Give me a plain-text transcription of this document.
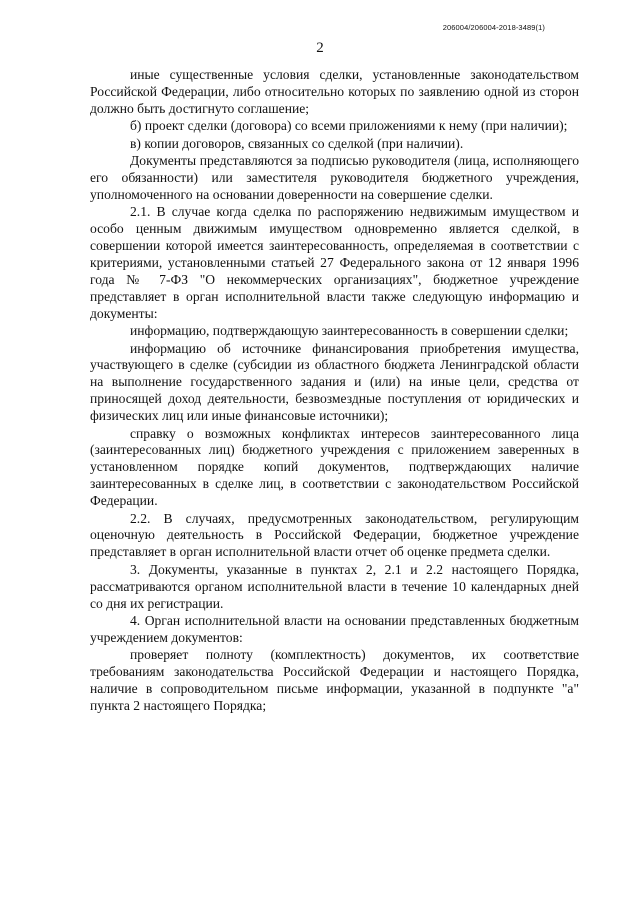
206004/206004-2018-3489(1)
2

иные существенные условия сделки, установленные законодательством Российской Федерации, либо относительно которых по заявлению одной из сторон должно быть достигнуто соглашение;

б) проект сделки (договора) со всеми приложениями к нему (при наличии);

в) копии договоров, связанных со сделкой (при наличии).

Документы представляются за подписью руководителя (лица, исполняющего его обязанности) или заместителя руководителя бюджетного учреждения, уполномоченного на основании доверенности на совершение сделки.

2.1. В случае когда сделка по распоряжению недвижимым имуществом и особо ценным движимым имуществом одновременно является сделкой, в совершении которой имеется заинтересованность, определяемая в соответствии с критериями, установленными статьей 27 Федерального закона от 12 января 1996 года № 7-ФЗ "О некоммерческих организациях", бюджетное учреждение представляет в орган исполнительной власти также следующую информацию и документы:

информацию, подтверждающую заинтересованность в совершении сделки;

информацию об источнике финансирования приобретения имущества, участвующего в сделке (субсидии из областного бюджета Ленинградской области на выполнение государственного задания и (или) на иные цели, средства от приносящей доход деятельности, безвозмездные поступления от юридических и физических лиц или иные финансовые источники);

справку о возможных конфликтах интересов заинтересованного лица (заинтересованных лиц) бюджетного учреждения с приложением заверенных в установленном порядке копий документов, подтверждающих наличие заинтересованных в сделке лиц, в соответствии с законодательством Российской Федерации.

2.2. В случаях, предусмотренных законодательством, регулирующим оценочную деятельность в Российской Федерации, бюджетное учреждение представляет в орган исполнительной власти отчет об оценке предмета сделки.

3. Документы, указанные в пунктах 2, 2.1 и 2.2 настоящего Порядка, рассматриваются органом исполнительной власти в течение 10 календарных дней со дня их регистрации.

4. Орган исполнительной власти на основании представленных бюджетным учреждением документов:

проверяет полноту (комплектность) документов, их соответствие требованиям законодательства Российской Федерации и настоящего Порядка, наличие в сопроводительном письме информации, указанной в подпункте "а" пункта 2 настоящего Порядка;
